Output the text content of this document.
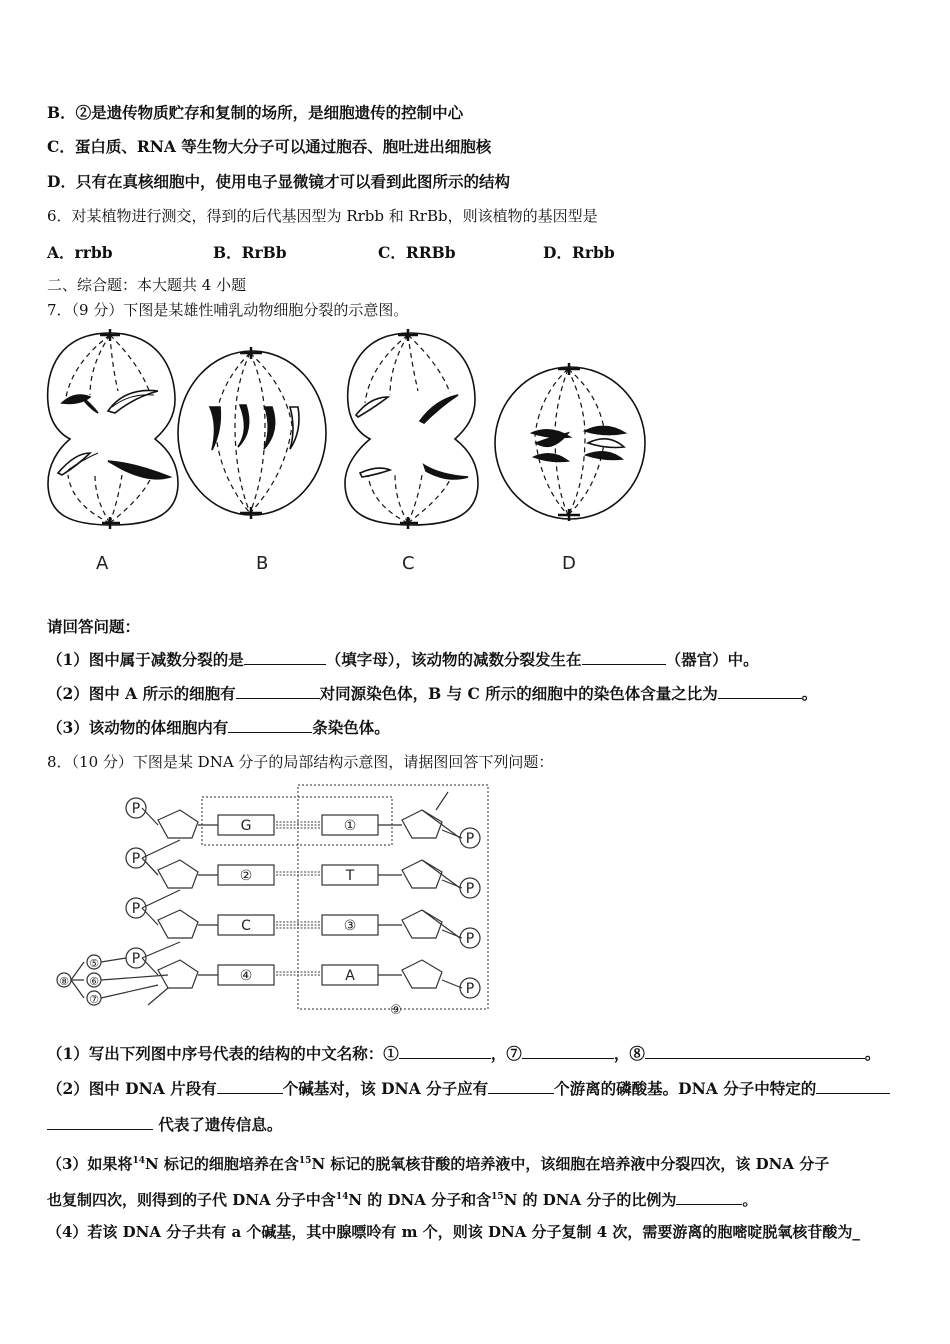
B．②是遗传物质贮存和复制的场所，是细胞遗传的控制中心
C．蛋白质、RNA 等生物大分子可以通过胞吞、胞吐进出细胞核
D．只有在真核细胞中，使用电子显微镜才可以看到此图所示的结构
6．对某植物进行测交，得到的后代基因型为 Rrbb 和 RrBb，则该植物的基因型是
A．rrbb	B．RrBb	C．RRBb	D．Rrbb
二、综合题：本大题共 4 小题
7．（9 分）下图是某雄性哺乳动物细胞分裂的示意图。
A	B	C	D
请回答问题：
（1）图中属于减数分裂的是	（填字母），该动物的减数分裂发生在	（器官）中。
（2）图中 A 所示的细胞有	对同源染色体，B 与 C 所示的细胞中的染色体含量之比为	。
（3）该动物的体细胞内有	条染色体。
8．（10 分）下图是某 DNA 分子的局部结构示意图，请据图回答下列问题：
P
P
P
P
P
P
P
P
G
②
C
④
①
T
③
A
⑤
⑥
⑦
⑧
⑨
（1）写出下列图中序号代表的结构的中文名称：①	，⑦	，⑧	。
（2）图中 DNA 片段有	个碱基对，该 DNA 分子应有	个游离的磷酸基。DNA 分子中特定的
代表了遗传信息。
（3）如果将$^{14}$N 标记的细胞培养在含$^{15}$N 标记的脱氧核苷酸的培养液中，该细胞在培养液中分裂四次，该 DNA 分子
也复制四次，则得到的子代 DNA 分子中含$^{14}$N 的 DNA 分子和含$^{15}$N 的 DNA 分子的比例为	。
（4）若该 DNA 分子共有 a 个碱基，其中腺嘌呤有 m 个，则该 DNA 分子复制 4 次，需要游离的胞嘧啶脱氧核苷酸为_
